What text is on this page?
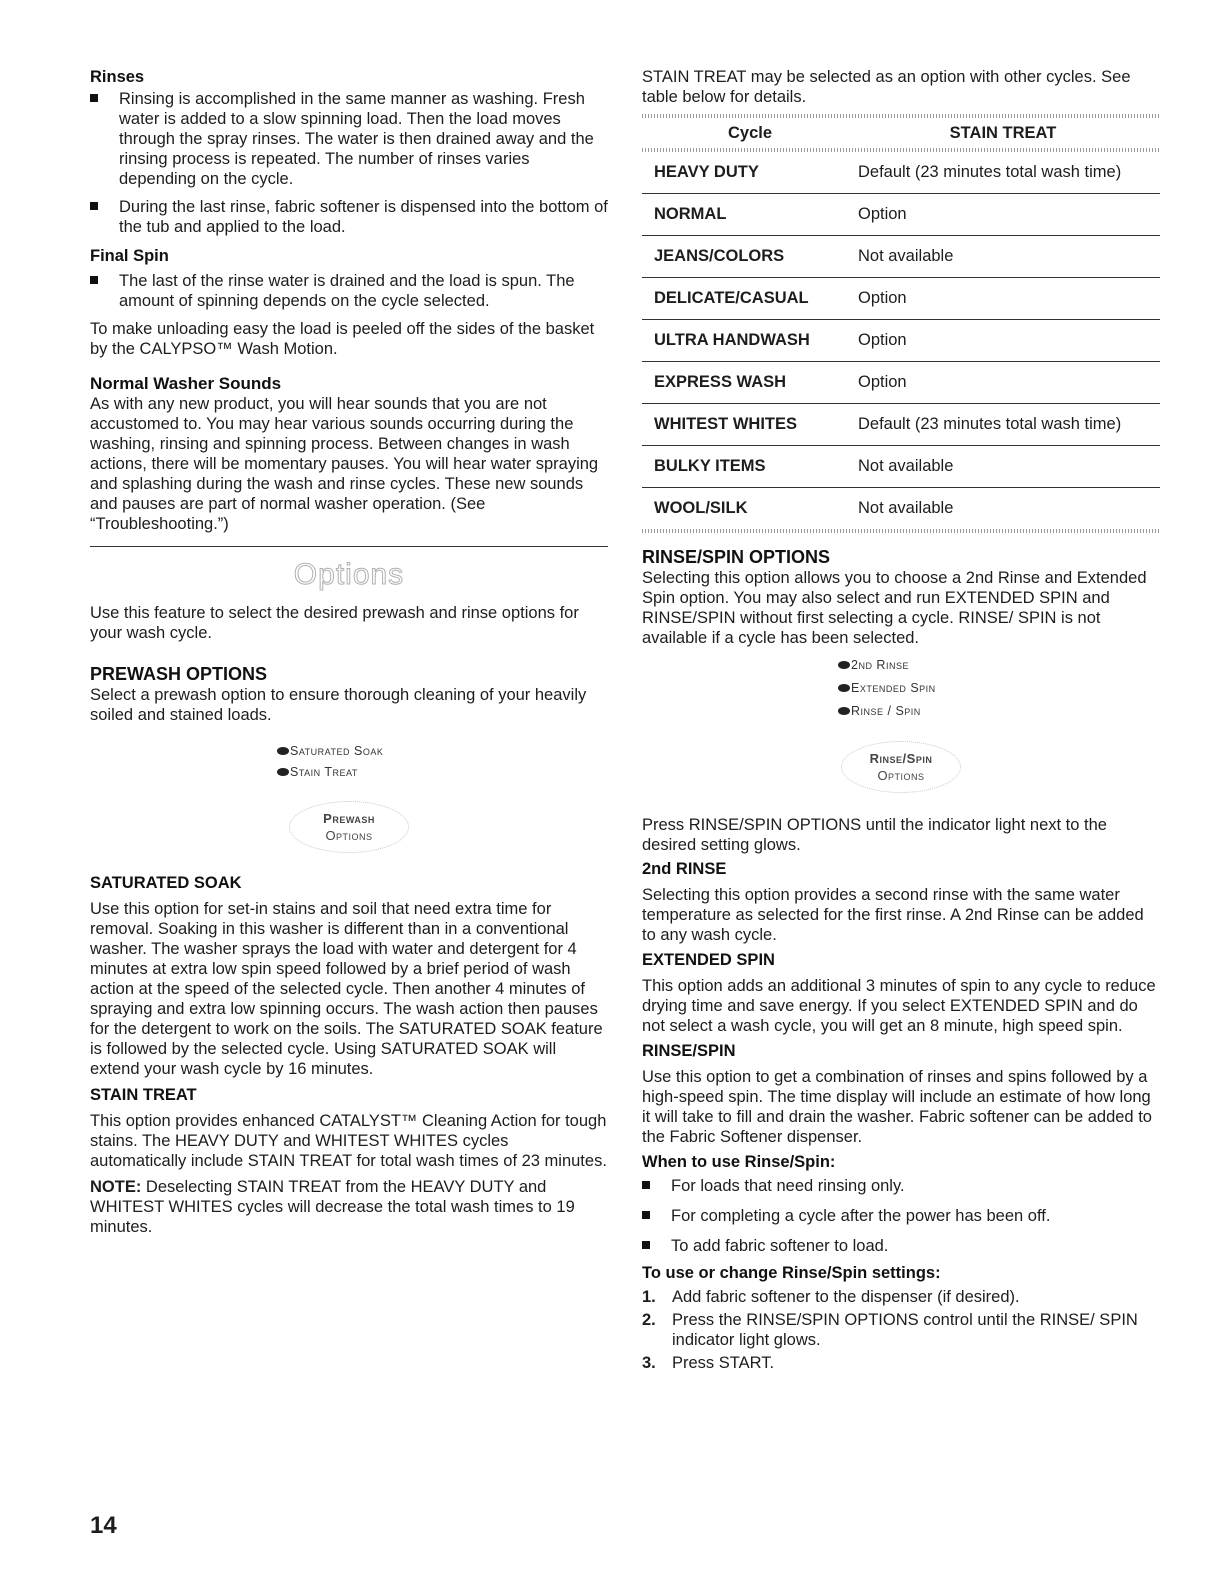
Rinses
Rinsing is accomplished in the same manner as washing. Fresh water is added to a slow spinning load. Then the load moves through the spray rinses. The water is then drained away and the rinsing process is repeated. The number of rinses varies depending on the cycle.
During the last rinse, fabric softener is dispensed into the bottom of the tub and applied to the load.
Final Spin
The last of the rinse water is drained and the load is spun. The amount of spinning depends on the cycle selected.

To make unloading easy the load is peeled off the sides of the basket by the CALYPSO™ Wash Motion.

Normal Washer Sounds

As with any new product, you will hear sounds that you are not accustomed to. You may hear various sounds occurring during the washing, rinsing and spinning process. Between changes in wash actions, there will be momentary pauses. You will hear water spraying and splashing during the wash and rinse cycles. These new sounds and pauses are part of normal washer operation. (See “Troubleshooting.”)

Options

Use this feature to select the desired prewash and rinse options for your wash cycle.

PREWASH OPTIONS

Select a prewash option to ensure thorough cleaning of your heavily soiled and stained loads.

Saturated Soak
Stain Treat
Prewash
Options
SATURATED SOAK

Use this option for set-in stains and soil that need extra time for removal. Soaking in this washer is different than in a conventional washer. The washer sprays the load with water and detergent for 4 minutes at extra low spin speed followed by a brief period of wash action at the speed of the selected cycle. Then another 4 minutes of spraying and extra low spinning occurs. The wash action then pauses for the detergent to work on the soils. The SATURATED SOAK feature is followed by the selected cycle. Using SATURATED SOAK will extend your wash cycle by 16 minutes.

STAIN TREAT

This option provides enhanced CATALYST™ Cleaning Action for tough stains. The HEAVY DUTY and WHITEST WHITES cycles automatically include STAIN TREAT for total wash times of 23 minutes.

NOTE: Deselecting STAIN TREAT from the HEAVY DUTY and WHITEST WHITES cycles will decrease the total wash times to 19 minutes.

STAIN TREAT may be selected as an option with other cycles. See table below for details.

Cycle	STAIN TREAT

HEAVY DUTY	Default (23 minutes total wash time)
NORMAL	Option
JEANS/COLORS	Not available
DELICATE/CASUAL	Option
ULTRA HANDWASH	Option
EXPRESS WASH	Option
WHITEST WHITES	Default (23 minutes total wash time)
BULKY ITEMS	Not available
WOOL/SILK	Not available
RINSE/SPIN OPTIONS

Selecting this option allows you to choose a 2nd Rinse and Extended Spin option. You may also select and run EXTENDED SPIN and RINSE/SPIN without first selecting a cycle. RINSE/ SPIN is not available if a cycle has been selected.

2nd Rinse
Extended Spin
Rinse / Spin
Rinse/Spin
Options

Press RINSE/SPIN OPTIONS until the indicator light next to the desired setting glows.

2nd RINSE

Selecting this option provides a second rinse with the same water temperature as selected for the first rinse. A 2nd Rinse can be added to any wash cycle.

EXTENDED SPIN

This option adds an additional 3 minutes of spin to any cycle to reduce drying time and save energy. If you select EXTENDED SPIN and do not select a wash cycle, you will get an 8 minute, high speed spin.

RINSE/SPIN

Use this option to get a combination of rinses and spins followed by a high-speed spin. The time display will include an estimate of how long it will take to fill and drain the washer. Fabric softener can be added to the Fabric Softener dispenser.

When to use Rinse/Spin:
For loads that need rinsing only.
For completing a cycle after the power has been off.
To add fabric softener to load.
To use or change Rinse/Spin settings:
1. Add fabric softener to the dispenser (if desired).
2. Press the RINSE/SPIN OPTIONS control until the RINSE/ SPIN indicator light glows.
3. Press START.
14
